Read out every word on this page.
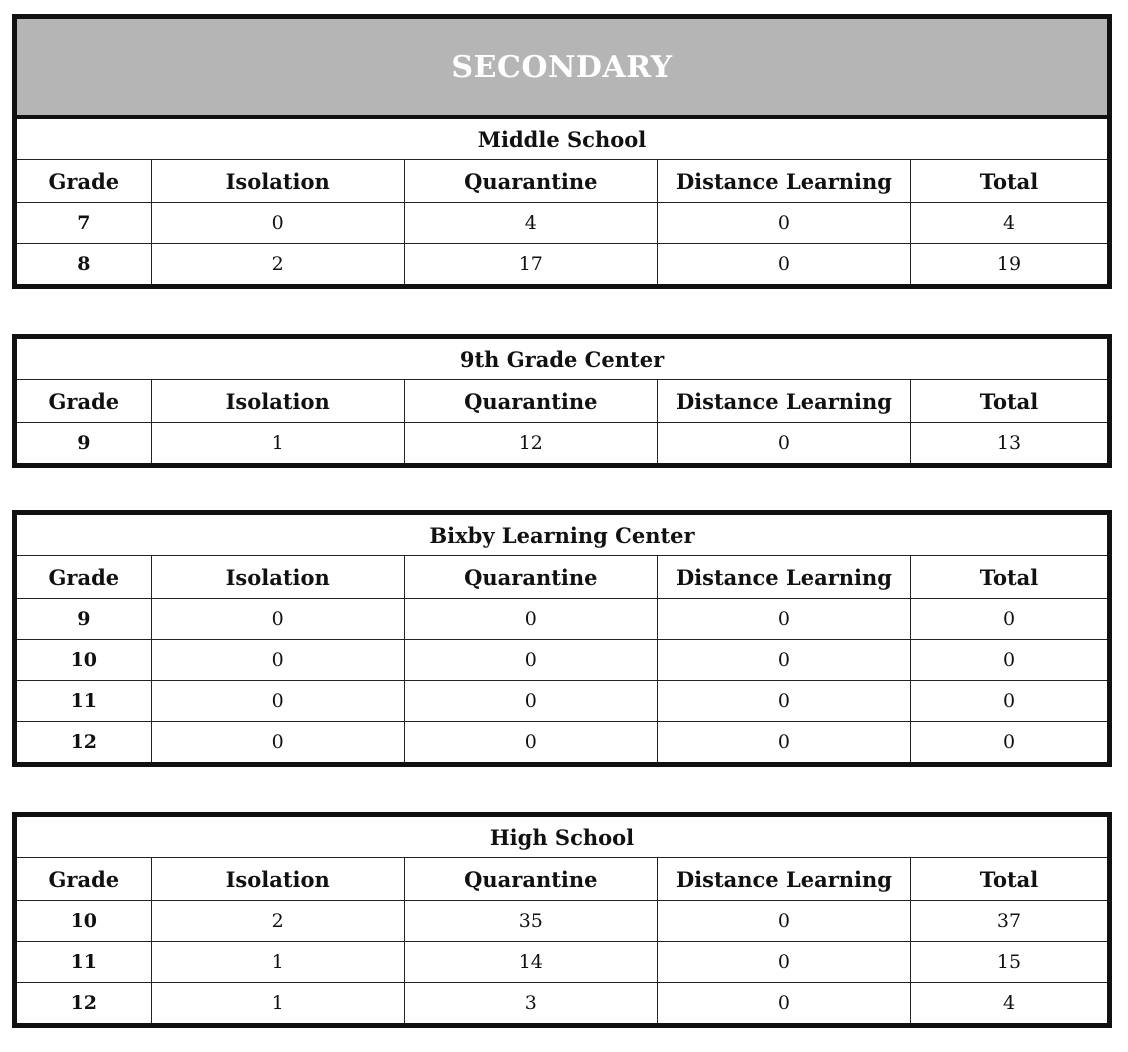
SECONDARY				
Middle School				
Grade	Isolation	Quarantine	Distance Learning	Total
7	0	4	0	4
8	2	17	0	19
9th Grade Center				
Grade	Isolation	Quarantine	Distance Learning	Total
9	1	12	0	13
Bixby Learning Center				
Grade	Isolation	Quarantine	Distance Learning	Total
9	0	0	0	0
10	0	0	0	0
11	0	0	0	0
12	0	0	0	0
High School				
Grade	Isolation	Quarantine	Distance Learning	Total
10	2	35	0	37
11	1	14	0	15
12	1	3	0	4
